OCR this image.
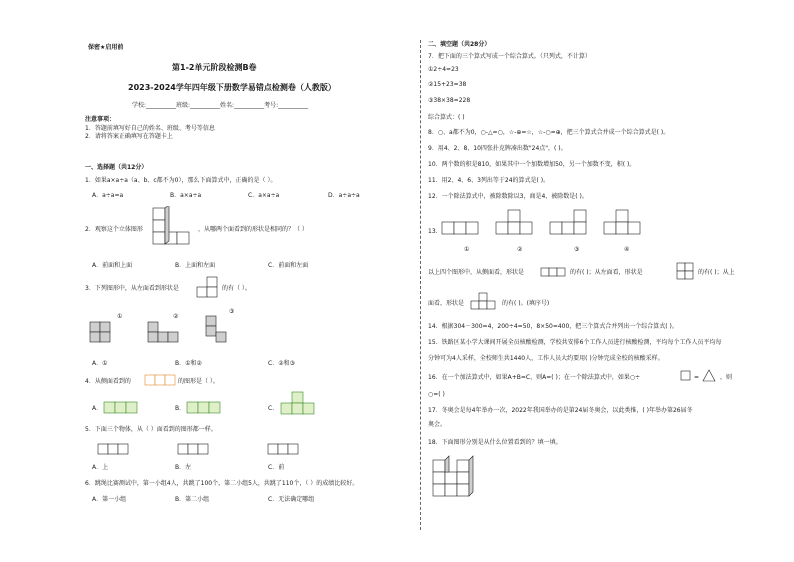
保密★启用前
第1-2单元阶段检测B卷
2023-2024学年四年级下册数学易错点检测卷（人教版）
学校:__________班级:__________姓名:__________考号:__________
注意事项：
1．答题前填写好自己的姓名、班级、考号等信息
2．请将答案正确填写在答题卡上
一、选择题（共12分）
1．如果a×a÷a（a、b、c都不为0），那么下面算式中，正确的是（ ）。
A．a÷a=a	B．a×a÷a	C．a×a÷a	D．a÷a÷a
2．观察这个立体图形	，从哪两个面看到的形状是相同的？（ ）
A．前面和上面	B．上面和左面	C．前面和左面
3．下列图形中，从左面看到形状是	的有（ ）。
①	②
③
A．①	B．①和②	C．②和③
4．从侧面看到的	的图形是（ ）。
A．	B．	C．
5．下面三个物体，从（ ）面看到的图形都一样。
A．上	B．左	C．前
6．跳绳比赛测试中，第一小组4人，共跳了100个，第二小组5人，共跳了110个，（ ）的成绩比较好。
A．第一小组	B．第二小组	C．无法确定哪组
二、填空题（共28分）
7．把下面的三个算式写成一个综合算式。（只列式，不计算）
①2÷4=23
②15+23=38
③38×38=228
综合算式：( )
8．○、a都不为0，○-△=○，☆-⊕=☆，☆-○=⊕，把三个算式合并成一个综合算式是( )。
9．用4、2、8、10四张扑克牌凑出数"24点"，( )。
10．两个数的积是810，如果其中一个加数增加50，另一个加数不变，积( )。
11．用2、4、6、3列出等于24的算式是( )。
12．一个除法算式中，被除数除以3，商是4，被除数是( )。
13.
①	②	③	④
以上四个图形中，从侧面看，形状是	的有( )；从左面看，形状是	的有( )；从上
面看，形状是	的有( )。(填序号)
14．根据304－300=4，200÷4=50，8×50=400，把三个算式合并列出一个综合算式( )。
15．铁路区某小学大课间开展全员核酸检测，学校共安排6个工作人员进行核酸检测，平均每个工作人员平均每
分钟可为4人采样，全校师生共1440人，工作人员大约要用( )分钟完成全校的核酸采样。
16．在一个加法算式中，如果A+B=C，则A=( )；在一个除法算式中，如果○÷	=	，则
○=( )
17．冬奥会是每4年举办一次，2022年我国举办的是第24届冬奥会，以此类推，( )年举办第26届冬
奥会。
18．下面图形分别是从什么位置看到的？填一填。
